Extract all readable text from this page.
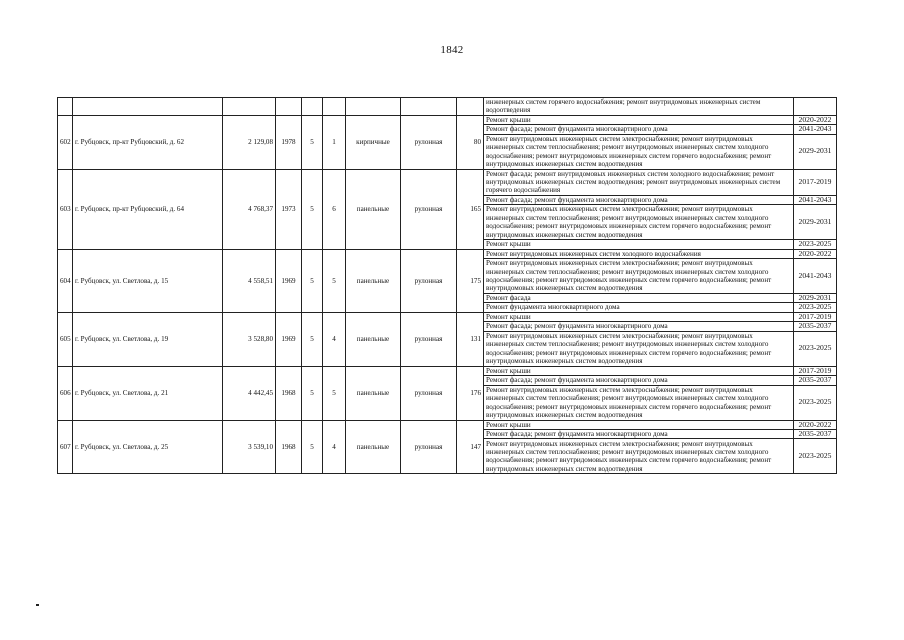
1842
									инженерных систем горячего водоснабжения; ремонт внутридомовых инженерных систем водоотведения	
602	г. Рубцовск, пр-кт Рубцовский, д. 62	2 129,08	1978	5	1	кирпичные	рулонная	80	Ремонт крыши	2020-2022
									Ремонт фасада; ремонт фундамента многоквартирного дома	2041-2043
									Ремонт внутридомовых инженерных систем электроснабжения; ремонт внутридомовых инженерных систем теплоснабжения; ремонт внутридомовых инженерных систем холодного водоснабжения; ремонт внутридомовых инженерных систем горячего водоснабжения; ремонт внутридомовых инженерных систем водоотведения	2029-2031
603	г. Рубцовск, пр-кт Рубцовский, д. 64	4 768,37	1973	5	6	панельные	рулонная	165	Ремонт фасада; ремонт внутридомовых инженерных систем холодного водоснабжения; ремонт внутридомовых инженерных систем водоотведения; ремонт внутридомовых инженерных систем горячего водоснабжения	2017-2019
									Ремонт фасада; ремонт фундамента многоквартирного дома	2041-2043
									Ремонт внутридомовых инженерных систем электроснабжения; ремонт внутридомовых инженерных систем теплоснабжения; ремонт внутридомовых инженерных систем холодного водоснабжения; ремонт внутридомовых инженерных систем горячего водоснабжения; ремонт внутридомовых инженерных систем водоотведения	2029-2031
									Ремонт крыши	2023-2025
604	г. Рубцовск, ул. Светлова, д. 15	4 558,51	1969	5	5	панельные	рулонная	175	Ремонт внутридомовых инженерных систем холодного водоснабжения	2020-2022
									Ремонт внутридомовых инженерных систем электроснабжения; ремонт внутридомовых инженерных систем теплоснабжения; ремонт внутридомовых инженерных систем холодного водоснабжения; ремонт внутридомовых инженерных систем горячего водоснабжения; ремонт внутридомовых инженерных систем водоотведения	2041-2043
									Ремонт фасада	2029-2031
									Ремонт фундамента многоквартирного дома	2023-2025
605	г. Рубцовск, ул. Светлова, д. 19	3 528,80	1969	5	4	панельные	рулонная	131	Ремонт крыши	2017-2019
									Ремонт фасада; ремонт фундамента многоквартирного дома	2035-2037
									Ремонт внутридомовых инженерных систем электроснабжения; ремонт внутридомовых инженерных систем теплоснабжения; ремонт внутридомовых инженерных систем холодного водоснабжения; ремонт внутридомовых инженерных систем горячего водоснабжения; ремонт внутридомовых инженерных систем водоотведения	2023-2025
606	г. Рубцовск, ул. Светлова, д. 21	4 442,45	1968	5	5	панельные	рулонная	176	Ремонт крыши	2017-2019
									Ремонт фасада; ремонт фундамента многоквартирного дома	2035-2037
									Ремонт внутридомовых инженерных систем электроснабжения; ремонт внутридомовых инженерных систем теплоснабжения; ремонт внутридомовых инженерных систем холодного водоснабжения; ремонт внутридомовых инженерных систем горячего водоснабжения; ремонт внутридомовых инженерных систем водоотведения	2023-2025
607	г. Рубцовск, ул. Светлова, д. 25	3 539,10	1968	5	4	панельные	рулонная	147	Ремонт крыши	2020-2022
									Ремонт фасада; ремонт фундамента многоквартирного дома	2035-2037
									Ремонт внутридомовых инженерных систем электроснабжения; ремонт внутридомовых инженерных систем теплоснабжения; ремонт внутридомовых инженерных систем холодного водоснабжения; ремонт внутридомовых инженерных систем горячего водоснабжения; ремонт внутридомовых инженерных систем водоотведения	2023-2025
